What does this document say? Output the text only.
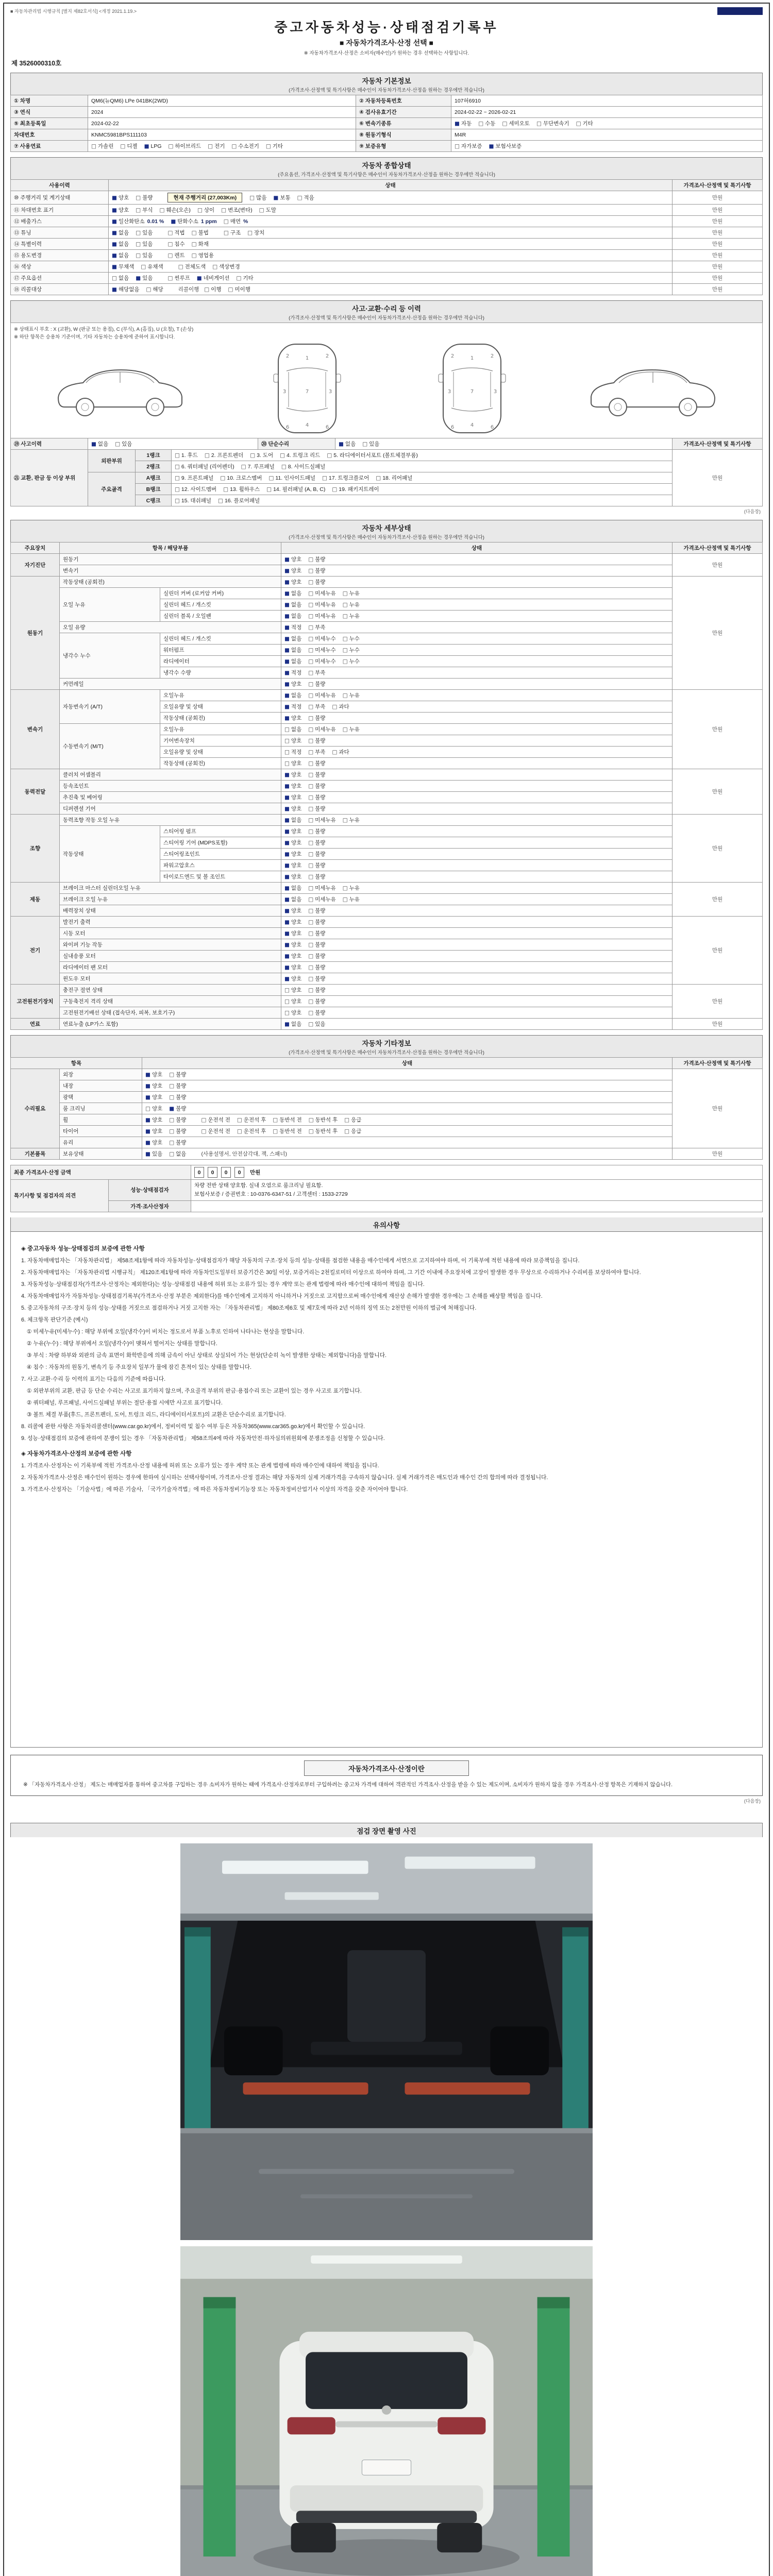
■ 자동차관리법 시행규칙 [별지 제82호서식] <개정 2021.1.19.>
중고자동차성능·상태점검기록부
■ 자동차가격조사·산정 선택 ■
※ 자동차가격조사·산정은 소비자(매수인)가 원하는 경우 선택하는 사항입니다.
제 3526000310호
자동차 기본정보
(가격조사·산정액 및 특기사항은 매수인이 자동차가격조사·산정을 원하는 경우에만 적습니다)
① 차명	QM6(뉴QM6) LPe 041BK(2WD)	② 자동차등록번호	107허6910
③ 연식	2024	④ 검사유효기간	2024-02-22 ~ 2026-02-21
⑤ 최초등록일	2024-02-22	⑥ 변속기종류	■ 자동 □ 수동 □ 세미오토 □ 무단변속기 □ 기타
차대번호	KNMC5981BPS111103	⑧ 원동기형식	M4R
⑦ 사용연료	□ 가솔린 □ 디젤 ■ LPG □ 하이브리드 □ 전기 □ 수소전기 □ 기타	⑨ 보증유형	□ 자가보증 ■ 보험사보증
자동차 종합상태
(주요옵션, 가격조사·산정액 및 특기사항은 매수인이 자동차가격조사·산정을 원하는 경우에만 적습니다)
사용이력	상태	가격조사·산정액 및 특기사항
⑩ 주행거리 및 계기상태	■ 양호 □ 불량 현재 주행거리 (27,003Km) □ 많음 ■ 보통 □ 적음	만원
⑪ 차대번호 표기	■ 양호 □ 부식 □ 훼손(오손) □ 상이 □ 변조(변타) □ 도말	만원
⑫ 배출가스	■ 일산화탄소 0.01 % ■ 탄화수소 1 ppm □ 매연 %	만원
⑬ 튜닝	■ 없음 □ 있음 □ 적법 □ 불법 □ 구조 □ 장치	만원
⑭ 특별이력	■ 없음 □ 있음 □ 침수 □ 화재	만원
⑮ 용도변경	■ 없음 □ 있음 □ 렌트 □ 영업용	만원
⑯ 색상	■ 무채색 □ 유채색 □ 전체도색 □ 색상변경	만원
⑰ 주요옵션	□ 없음 ■ 있음 □ 썬루프 ■ 네비게이션 □ 기타	만원
⑱ 리콜대상	■ 해당없음 □ 해당 리콜이행 □ 이행 □ 미이행	만원
사고·교환·수리 등 이력
(가격조사·산정액 및 특기사항은 매수인이 자동차가격조사·산정을 원하는 경우에만 적습니다)
※ 상태표시 부호 : X (교환), W (판금 또는 용접), C (부식), A (흠집), U (요철), T (손상)
※ 하단 항목은 승용차 기준이며, 기타 자동차는 승용차에 준하여 표시합니다.
1
7
4
3	3
2	2
6	6

⑲ 사고이력	■ 없음 □ 있음	⑳ 단순수리	■ 없음 □ 있음	가격조사·산정액 및 특기사항
㉑ 교환, 판금 등 이상 부위	외판부위	1랭크	□ 1. 후드 □ 2. 프론트펜더 □ 3. 도어 □ 4. 트렁크 리드 □ 5. 라디에이터서포트 (볼트체결부품)	만원
		2랭크	□ 6. 쿼터패널 (리어펜더) □ 7. 루프패널 □ 8. 사이드실패널	
	주요골격	A랭크	□ 9. 프론트패널 □ 10. 크로스멤버 □ 11. 인사이드패널 □ 17. 트렁크플로어 □ 18. 리어패널	
		B랭크	□ 12. 사이드멤버 □ 13. 휠하우스 □ 14. 필러패널 (A, B, C) □ 19. 패키지트레이	
		C랭크	□ 15. 대쉬패널 □ 16. 플로어패널	
(다음장)
자동차 세부상태
(가격조사·산정액 및 특기사항은 매수인이 자동차가격조사·산정을 원하는 경우에만 적습니다)
주요장치	항목 / 해당부품		상태	가격조사·산정액 및 특기사항
자기진단	원동기		■ 양호 □ 불량	만원
	변속기		■ 양호 □ 불량	
원동기	작동상태 (공회전)		■ 양호 □ 불량	만원
	오일 누유	실린더 커버 (로커암 커버)	■ 없음 □ 미세누유 □ 누유	
		실린더 헤드 / 개스킷	■ 없음 □ 미세누유 □ 누유	
		실린더 블록 / 오일팬	■ 없음 □ 미세누유 □ 누유	
	오일 유량		■ 적정 □ 부족	
	냉각수 누수	실린더 헤드 / 개스킷	■ 없음 □ 미세누수 □ 누수	
		워터펌프	■ 없음 □ 미세누수 □ 누수	
		라디에이터	■ 없음 □ 미세누수 □ 누수	
		냉각수 수량	■ 적정 □ 부족	
	커먼레일		■ 양호 □ 불량	
변속기	자동변속기 (A/T)	오일누유	■ 없음 □ 미세누유 □ 누유	만원
		오일유량 및 상태	■ 적정 □ 부족 □ 과다	
		작동상태 (공회전)	■ 양호 □ 불량	
	수동변속기 (M/T)	오일누유	□ 없음 □ 미세누유 □ 누유	
		기어변속장치	□ 양호 □ 불량	
		오일유량 및 상태	□ 적정 □ 부족 □ 과다	
		작동상태 (공회전)	□ 양호 □ 불량	
동력전달	클러치 어셈블리		■ 양호 □ 불량	만원
	등속조인트		■ 양호 □ 불량	
	추진축 및 베어링		■ 양호 □ 불량	
	디퍼렌셜 기어		■ 양호 □ 불량	
조향	동력조향 작동 오일 누유		■ 없음 □ 미세누유 □ 누유	만원
	작동상태	스티어링 펌프	■ 양호 □ 불량	
		스티어링 기어 (MDPS포함)	■ 양호 □ 불량	
		스티어링조인트	■ 양호 □ 불량	
		파워고압호스	■ 양호 □ 불량	
		타이로드엔드 및 볼 조인트	■ 양호 □ 불량	
제동	브레이크 마스터 실린더오일 누유		■ 없음 □ 미세누유 □ 누유	만원
	브레이크 오일 누유		■ 없음 □ 미세누유 □ 누유	
	배력장치 상태		■ 양호 □ 불량	
전기	발전기 출력		■ 양호 □ 불량	만원
	시동 모터		■ 양호 □ 불량	
	와이퍼 기능 작동		■ 양호 □ 불량	
	실내송풍 모터		■ 양호 □ 불량	
	라디에이터 팬 모터		■ 양호 □ 불량	
	윈도우 모터		■ 양호 □ 불량	
고전원전기장치	충전구 절연 상태		□ 양호 □ 불량	만원
	구동축전지 격리 상태		□ 양호 □ 불량	
	고전원전기배선 상태 (접속단자, 피복, 보호기구)		□ 양호 □ 불량	
연료	연료누출 (LP가스 포함)		■ 없음 □ 있음	만원
자동차 기타정보
(가격조사·산정액 및 특기사항은 매수인이 자동차가격조사·산정을 원하는 경우에만 적습니다)
항목		상태	가격조사·산정액 및 특기사항
수리필요	외장	■ 양호 □ 불량	만원
	내장	■ 양호 □ 불량	
	광택	■ 양호 □ 불량	
	룸 크리닝	□ 양호 ■ 불량	
	휠	■ 양호 □ 불량 □ 운전석 전 □ 운전석 후 □ 동반석 전 □ 동반석 후 □ 응급	
	타이어	■ 양호 □ 불량 □ 운전석 전 □ 운전석 후 □ 동반석 전 □ 동반석 후 □ 응급	
	유리	■ 양호 □ 불량	
기본품목	보유상태	■ 있음 □ 없음 (사용설명서, 안전삼각대, 잭, 스패너)	만원
최종 가격조사·산정 금액		0 0 0 0 만원
특기사항 및 점검자의 의견	성능·상태점검자	차량 전반 상태 양호함. 실내 오염으로 룸크리닝 필요함.
보험사보증 / 증권번호 : 10-0376-6347-51 / 고객센터 : 1533-2729

	가격·조사산정자	
유의사항
◈ 중고자동차 성능·상태점검의 보증에 관한 사항
1. 자동차매매업자는 「자동차관리법」 제58조제1항에 따라 자동차성능·상태점검자가 해당 자동차의 구조·장치 등의 성능·상태를 점검한 내용을 매수인에게 서면으로 고지하여야 하며, 이 기록부에 적힌 내용에 따라 보증책임을 집니다.
2. 자동차매매업자는 「자동차관리법 시행규칙」 제120조제1항에 따라 자동차인도일부터 보증기간은 30일 이상, 보증거리는 2천킬로미터 이상으로 하여야 하며, 그 기간 이내에 주요장치에 고장이 발생한 경우 무상으로 수리하거나 수리비를 보상하여야 합니다.
3. 자동차성능·상태점검자(가격조사·산정자는 제외한다)는 성능·상태점검 내용에 허위 또는 오류가 있는 경우 계약 또는 관계 법령에 따라 매수인에 대하여 책임을 집니다.
4. 자동차매매업자가 자동차성능·상태점검기록부(가격조사·산정 부분은 제외한다)를 매수인에게 고지하지 아니하거나 거짓으로 고지함으로써 매수인에게 재산상 손해가 발생한 경우에는 그 손해를 배상할 책임을 집니다.
5. 중고자동차의 구조·장치 등의 성능·상태를 거짓으로 점검하거나 거짓 고지한 자는 「자동차관리법」 제80조제6호 및 제7호에 따라 2년 이하의 징역 또는 2천만원 이하의 벌금에 처해집니다.
6. 체크항목 판단기준 (예시)
　① 미세누유(미세누수) : 해당 부위에 오일(냉각수)이 비치는 정도로서 부품 노후로 인하여 나타나는 현상을 말합니다.
　② 누유(누수) : 해당 부위에서 오일(냉각수)이 맺혀서 떨어지는 상태를 말합니다.
　③ 부식 : 차량 하부와 외판의 금속 표면이 화학반응에 의해 금속이 아닌 상태로 상실되어 가는 현상(단순히 녹이 발생한 상태는 제외합니다)을 말합니다.
　④ 침수 : 자동차의 원동기, 변속기 등 주요장치 일부가 물에 잠긴 흔적이 있는 상태를 말합니다.
7. 사고·교환·수리 등 이력의 표기는 다음의 기준에 따릅니다.
　① 외판부위의 교환, 판금 등 단순 수리는 사고로 표기하지 않으며, 주요골격 부위의 판금·용접수리 또는 교환이 있는 경우 사고로 표기합니다.
　② 쿼터패널, 루프패널, 사이드실패널 부위는 절단·용접 시에만 사고로 표기합니다.
　③ 볼트 체결 부품(후드, 프론트펜더, 도어, 트렁크 리드, 라디에이터서포트)의 교환은 단순수리로 표기합니다.
8. 리콜에 관한 사항은 자동차리콜센터(www.car.go.kr)에서, 정비이력 및 침수 여부 등은 자동차365(www.car365.go.kr)에서 확인할 수 있습니다.
9. 성능·상태점검의 보증에 관하여 분쟁이 있는 경우 「자동차관리법」 제58조의4에 따라 자동차안전·하자심의위원회에 분쟁조정을 신청할 수 있습니다.
◈ 자동차가격조사·산정의 보증에 관한 사항
1. 가격조사·산정자는 이 기록부에 적힌 가격조사·산정 내용에 허위 또는 오류가 있는 경우 계약 또는 관계 법령에 따라 매수인에 대하여 책임을 집니다.
2. 자동차가격조사·산정은 매수인이 원하는 경우에 한하여 실시하는 선택사항이며, 가격조사·산정 결과는 해당 자동차의 실제 거래가격을 구속하지 않습니다. 실제 거래가격은 매도인과 매수인 간의 합의에 따라 결정됩니다.
3. 가격조사·산정자는 「기술사법」에 따른 기술사, 「국가기술자격법」에 따른 자동차정비기능장 또는 자동차정비산업기사 이상의 자격을 갖춘 자이어야 합니다.
자동차가격조사·산정이란
※ 「자동차가격조사·산정」 제도는 매매업자를 통하여 중고차를 구입하는 경우 소비자가 원하는 때에 가격조사·산정자로부터 구입하려는 중고차 가격에 대하여 객관적인 가격조사·산정을 받을 수 있는 제도이며, 소비자가 원하지 않을 경우 가격조사·산정 항목은 기재하지 않습니다.
(다음장)
점검 장면 촬영 사진
